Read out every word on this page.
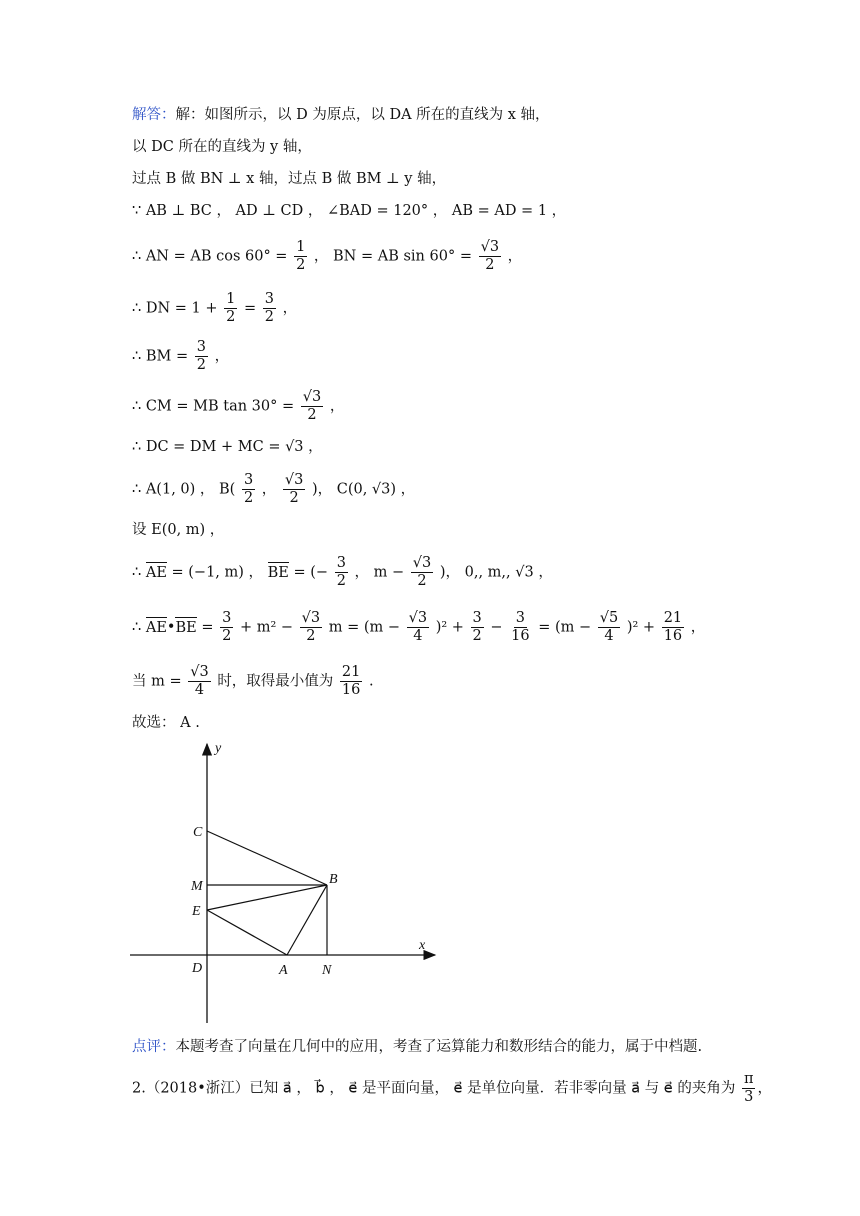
解答：解：如图所示，以 D 为原点，以 DA 所在的直线为 x 轴，
以 DC 所在的直线为 y 轴，
过点 B 做 BN ⊥ x 轴，过点 B 做 BM ⊥ y 轴，
∵ AB ⊥ BC ， AD ⊥ CD ， ∠BAD = 120° ， AB = AD = 1 ，
∴ AN = AB $\cos 60^\circ = \frac{1}{2}$ ， BN = AB $\sin 60^\circ = \frac{√3}{2}$ ，
∴ DN = $1 + \frac{1}{2} = \frac{3}{2}$ ，
∴ BM = $\frac{3}{2}$ ，
∴ CM = MB $\tan 30^\circ = \frac{√3}{2}$ ，
∴ DC = DM + MC = √3 ，
∴ A(1, 0) ， $B( \frac{3}{2}$ ， $\frac{√3}{2}$ )， C(0, √3) ，
设 E(0, m) ，
∴ AE = (−1, m) ， BE = (− $\frac{3}{2}$ ， $m - \frac{√3}{2}$ )， 0,, m,, √3 ，
∴ AE•BE = $\frac{3}{2} + m^2 - \frac{√3}{2}$ $m = (m - \frac{√3}{4} )^2 + \frac{3}{2} - \frac{3}{16} = (m - \frac{√5}{4} )^2 + \frac{21}{16}$ ，
当 $m = \frac{√3}{4}$ 时，取得最小值为 $\frac{21}{16}$ .
故选： A .
y
x
C
M	B
E
D	A N
点评：本题考查了向量在几何中的应用，考查了运算能力和数形结合的能力，属于中档题.
2.（2018•浙江）已知 a⃗ ， b⃗ ， e⃗ 是平面向量， e⃗ 是单位向量．若非零向量 a⃗ 与 e⃗ 的夹角为 $\frac{\pi}{3}$ ，
